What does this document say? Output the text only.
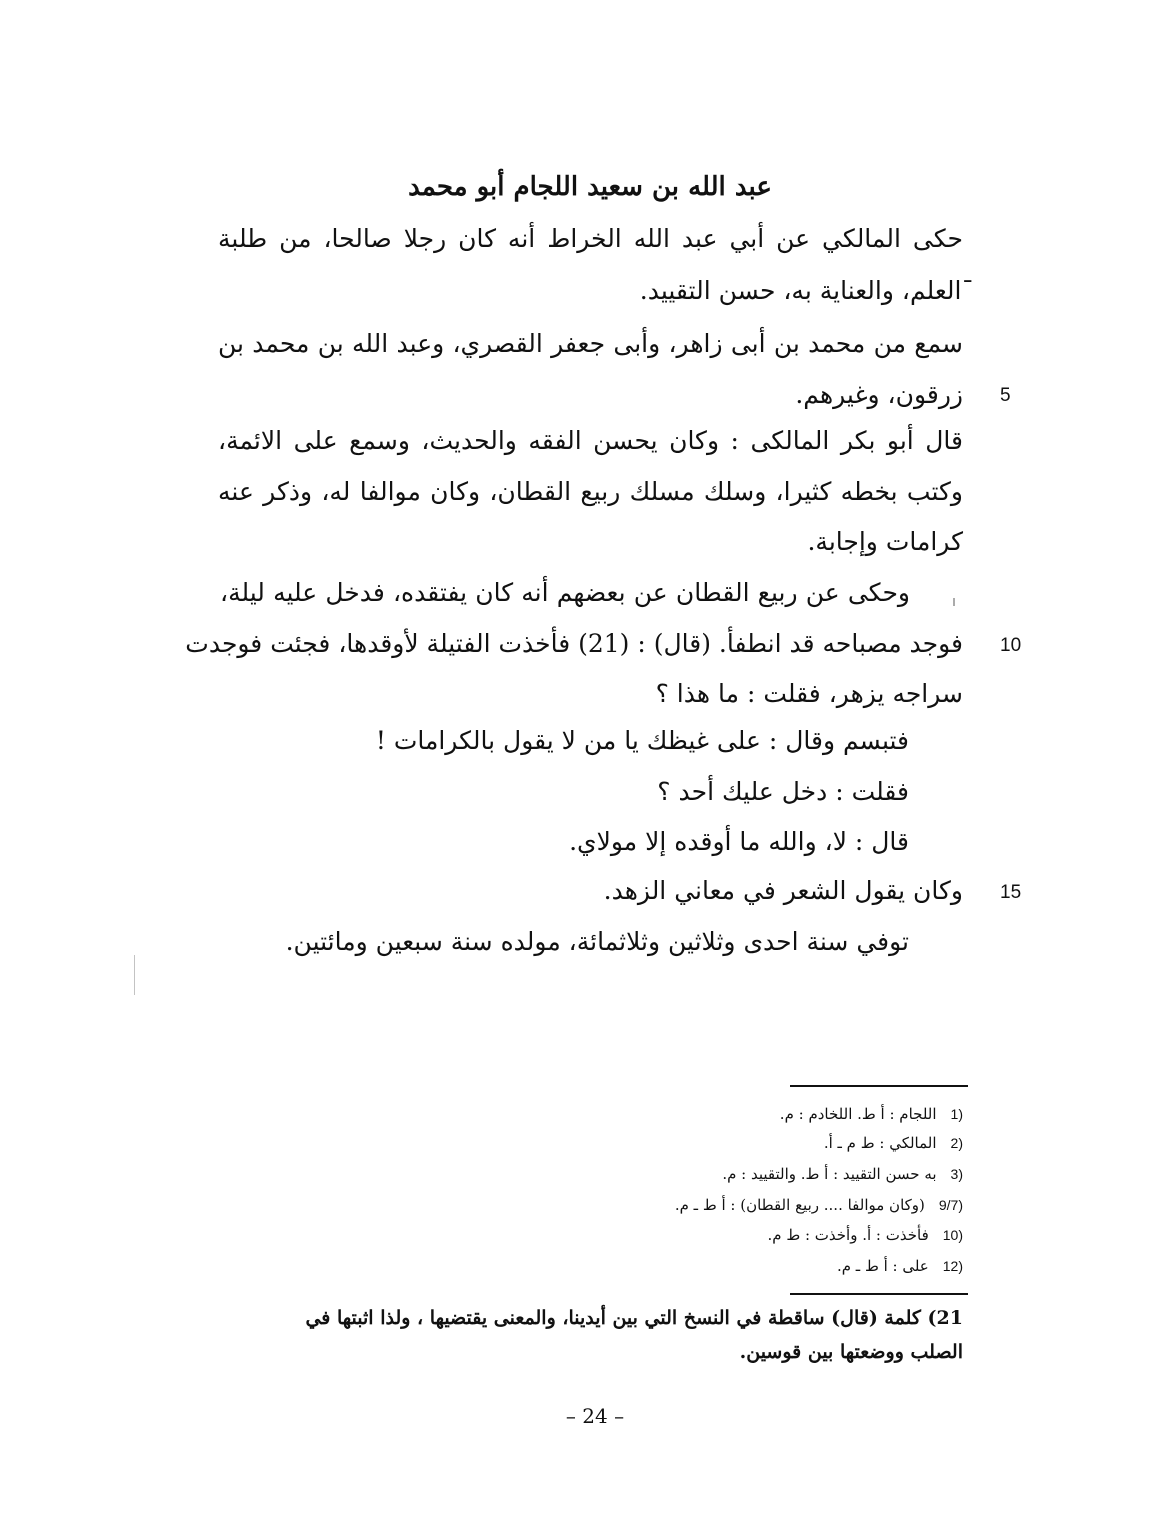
عبد الله بن سعيد اللجام أبو محمد

حكى المالكي عن أبي عبد الله الخراط أنه كان رجلا صالحا، من طلبة

ˉالعلم، والعناية به، حسن التقييد.

سمع من محمد بن أبى زاهر، وأبى جعفر القصري، وعبد الله بن محمد بن

زرقون، وغيرهم.

قال أبو بكر المالكى : وكان يحسن الفقه والحديث، وسمع على الائمة،

وكتب بخطه كثيرا، وسلك مسلك ربيع القطان، وكان موالفا له، وذكر عنه

كرامات وإجابة.

وحكى عن ربيع القطان عن بعضهم أنه كان يفتقده، فدخل عليه ليلة،

فوجد مصباحه قد انطفأ. (قال) : (21) فأخذت الفتيلة لأوقدها، فجئت فوجدت

سراجه يزهر، فقلت : ما هذا ؟

فتبسم وقال : على غيظك يا من لا يقول بالكرامات !

فقلت : دخل عليك أحد ؟

قال : لا، والله ما أوقده إلا مولاي.

وكان يقول الشعر في معاني الزهد.

توفي سنة احدى وثلاثين وثلاثمائة، مولده سنة سبعين ومائتين.

5
10
15
1)اللجام : أ ط. اللخادم : م.
2)المالكي : ط م ـ أ.
3)به حسن التقييد : أ ط. والتقييد : م.
9/7)(وكان موالفا .... ربيع القطان) : أ ط ـ م.
10)فأخذت : أ. وأخذت : ط م.
12)على : أ ط ـ م.
21) كلمة (قال) ساقطة في النسخ التي بين أيدينا، والمعنى يقتضيها ، ولذا اثبتها في
الصلب ووضعتها بين قوسين.
– 24 –
